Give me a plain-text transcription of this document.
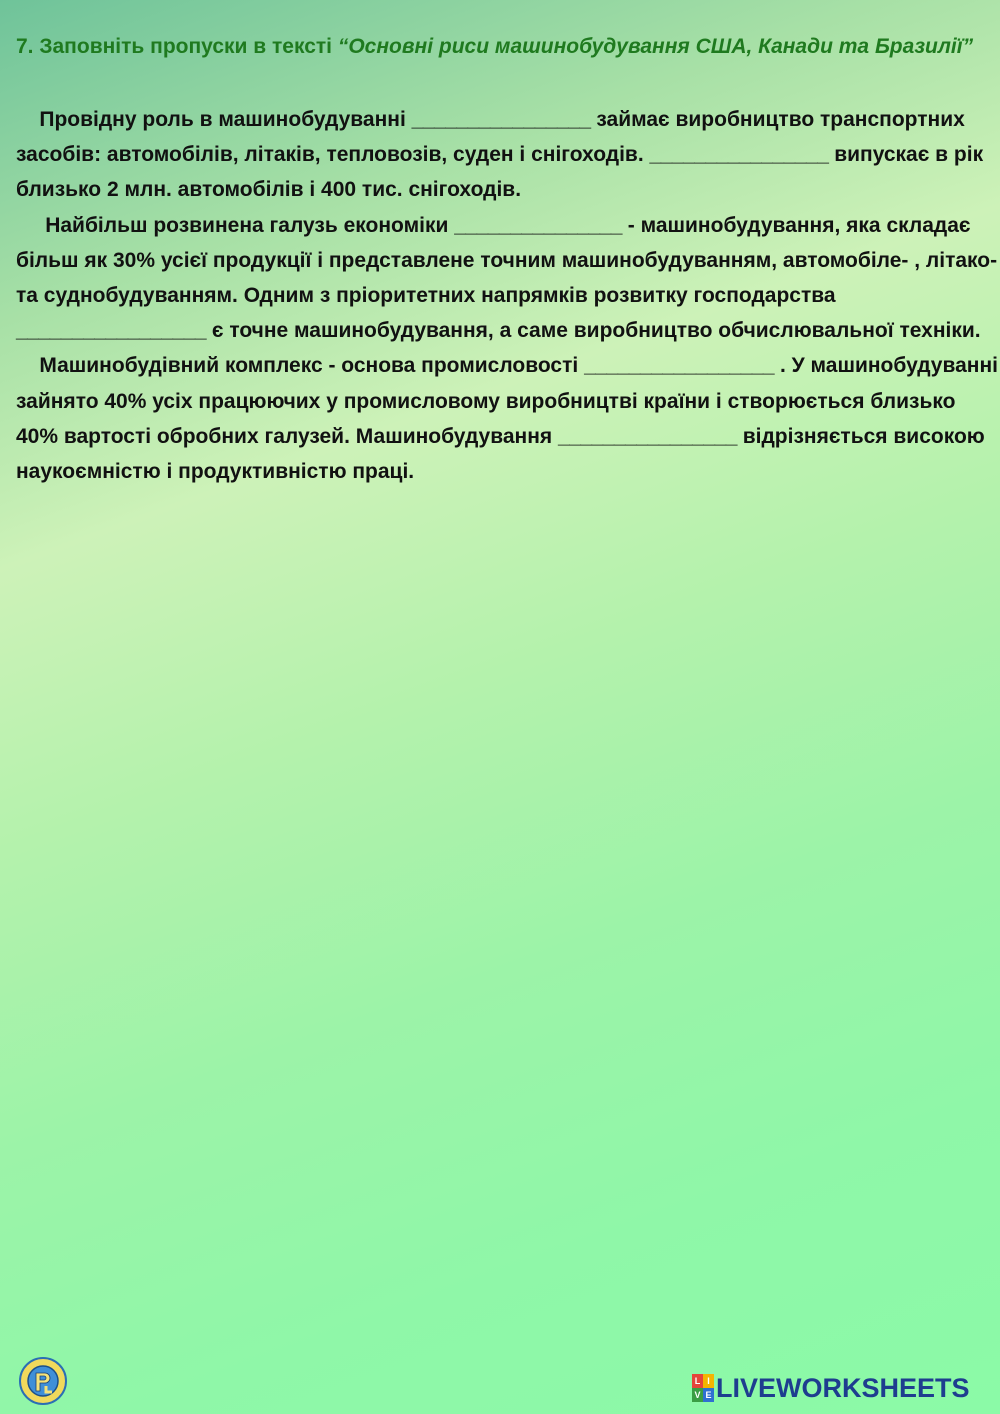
7. Заповніть пропуски в тексті “Основні риси машинобудування США, Канади та Бразилії”

Провідну роль в машинобудуванні ________________ займає виробництво транспортних засобів: автомобілів, літаків, тепловозів, суден і снігоходів. ________________ випускає в рік близько 2 млн. автомобілів і 400 тис. снігоходів.

Найбільш розвинена галузь економіки _______________ - машинобудування, яка складає більш як 30% усієї продукції і представлене точним машинобудуванням, автомобіле- , літако- та суднобудуванням. Одним з пріоритетних напрямків розвитку господарства _________________ є точне машинобудування, а саме виробництво обчислювальної техніки.

Машинобудівний комплекс - основа промисловості _________________ . У машинобудуванні зайнято 40% усіх працюючих у промисловому виробництві країни і створюється близько 40% вартості обробних галузей. Машинобудування ________________ відрізняється високою наукоємністю і продуктивністю праці.

L I
V E LIVEWORKSHEETS
